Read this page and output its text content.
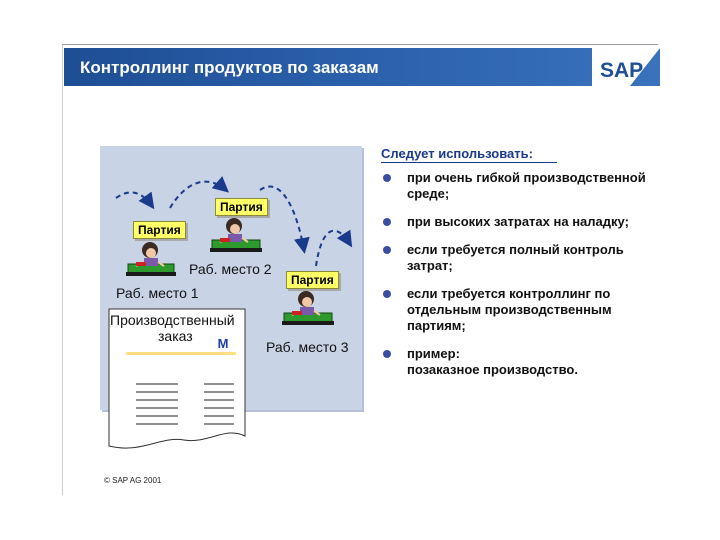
Контроллинг продуктов по заказам	SAP
Партия
Раб. место 1
Партия
Раб. место 2
Партия
Раб. место 3
Производственный
заказ M
© SAP AG 2001
Следует использовать:
при очень гибкой производственной среде;
при высоких затратах на наладку;
если требуется полный контроль затрат;
если требуется контроллинг по отдельным производственным партиям;
пример:
позаказное производство.
